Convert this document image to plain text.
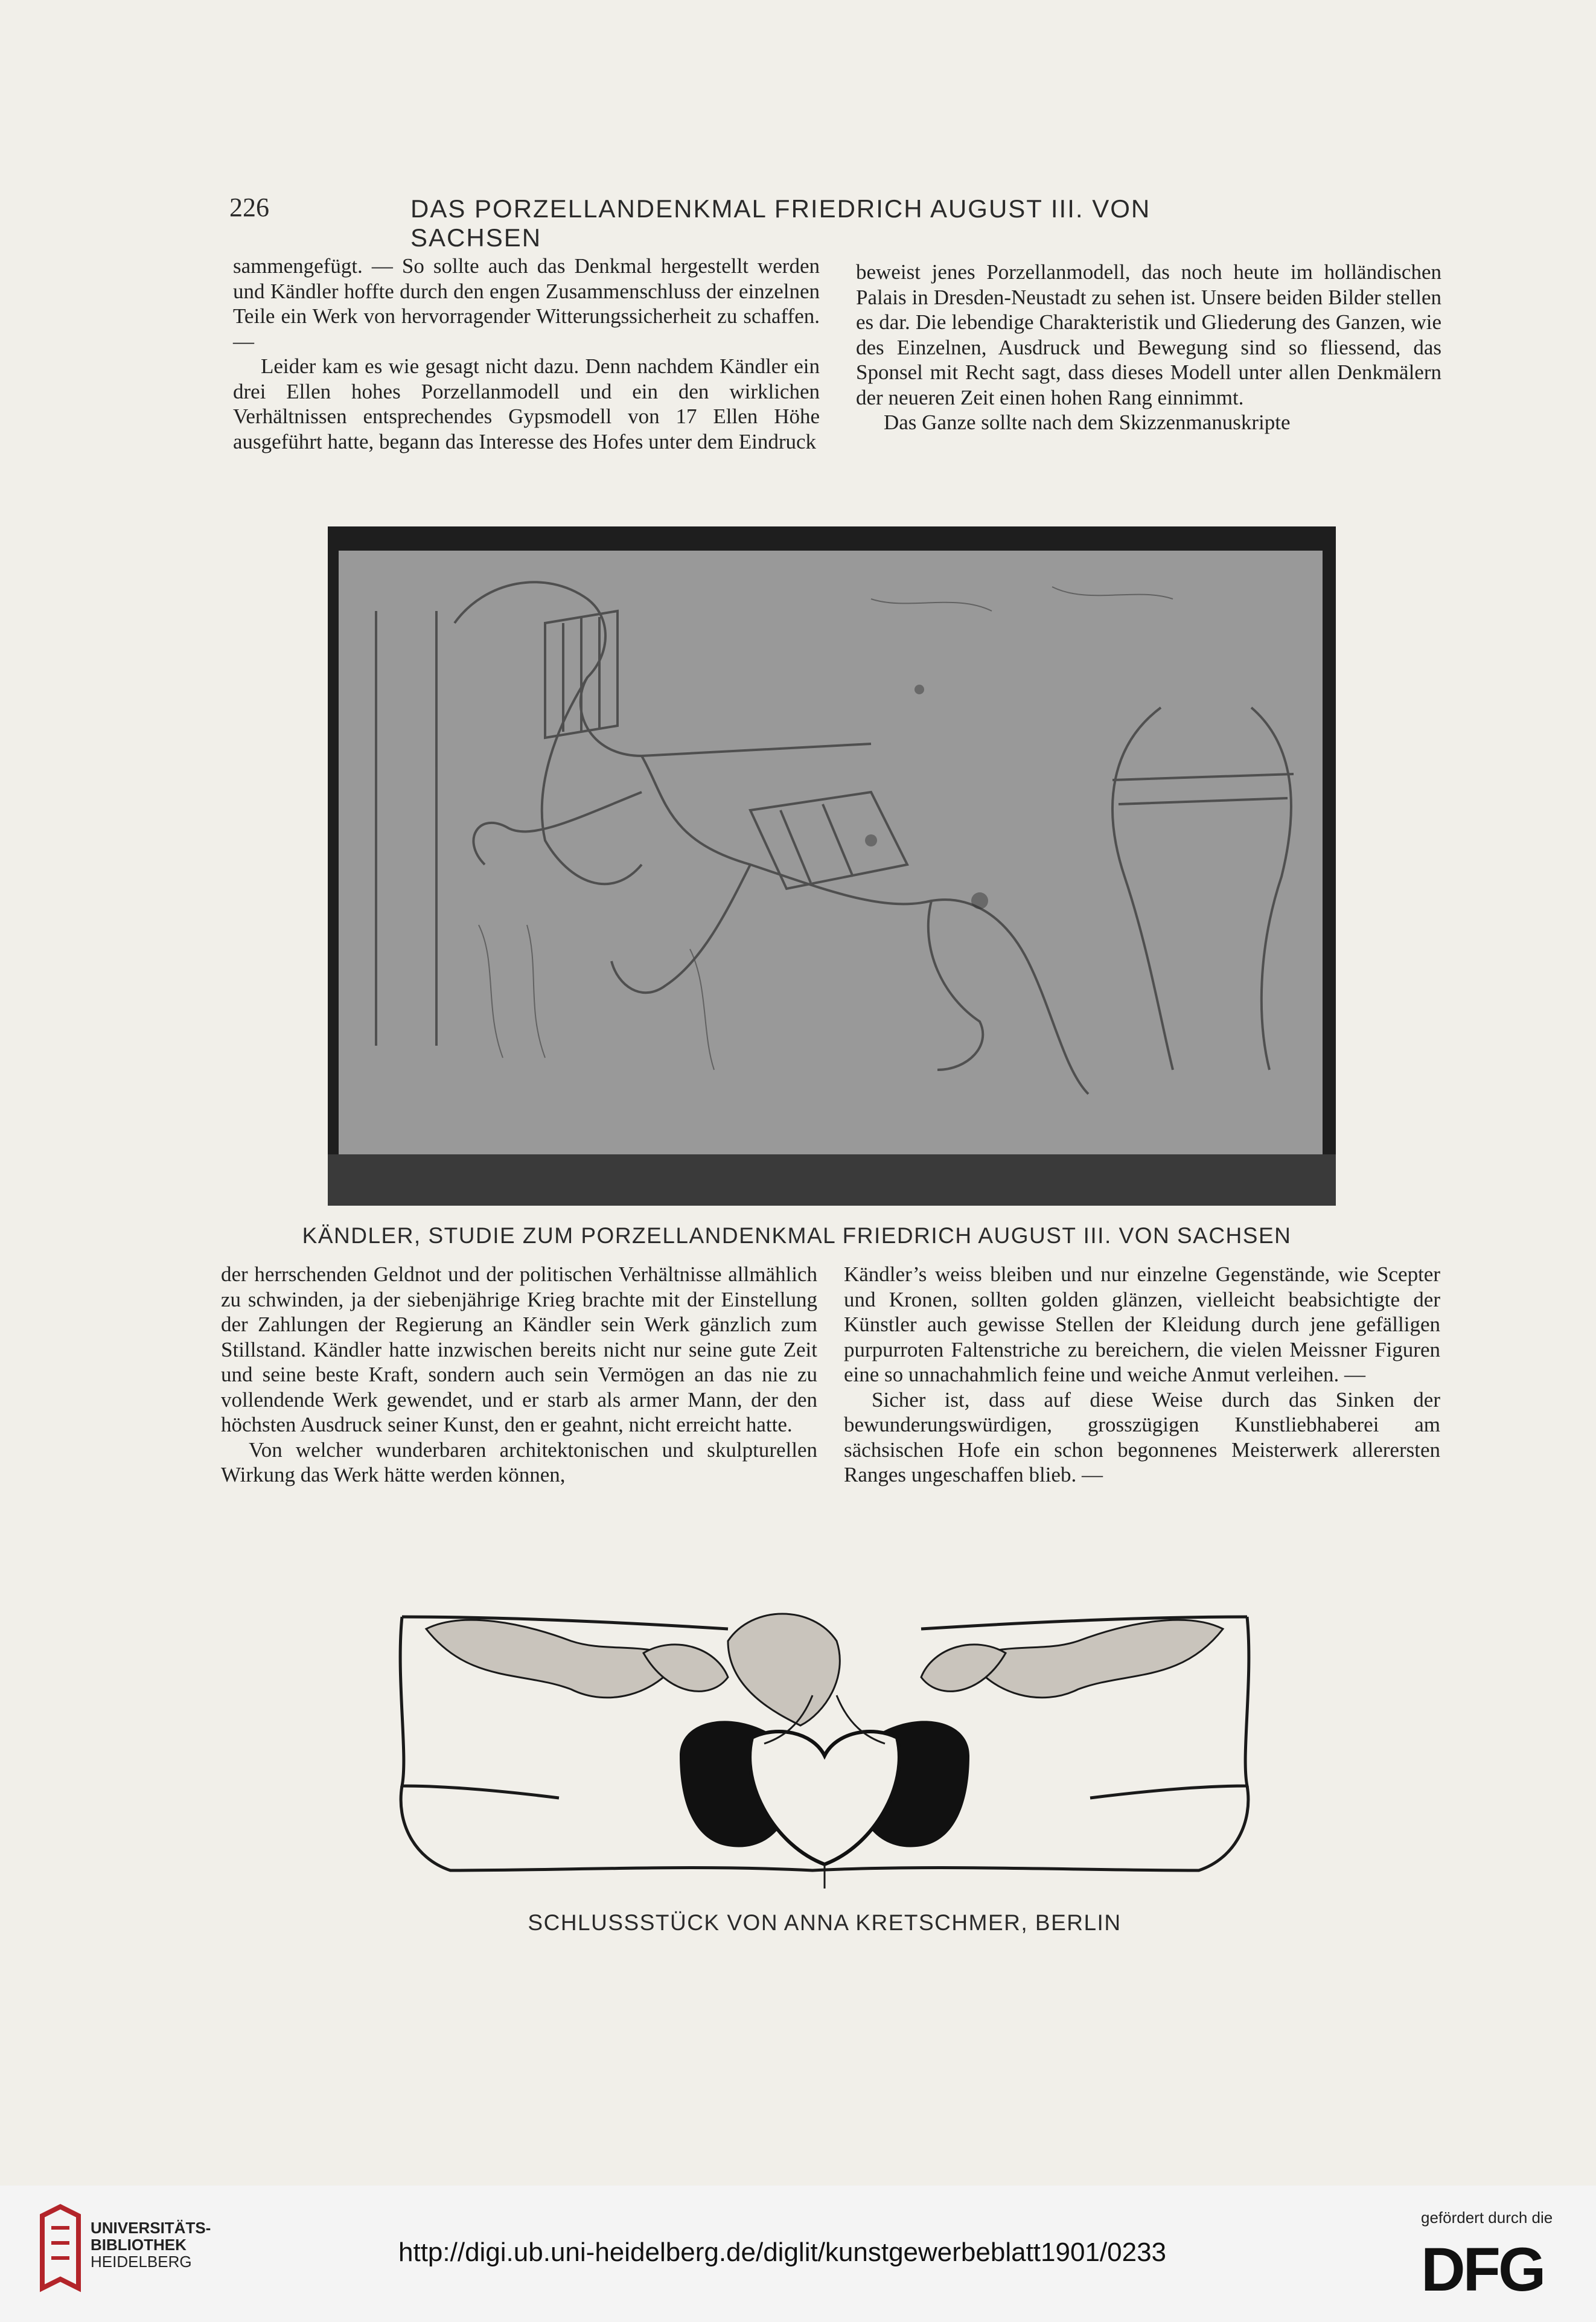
226	DAS PORZELLANDENKMAL FRIEDRICH AUGUST III. VON SACHSEN

sammengefügt. — So sollte auch das Denkmal hergestellt werden und Kändler hoffte durch den engen Zusammenschluss der einzelnen Teile ein Werk von hervorragender Witterungssicherheit zu schaffen. —

Leider kam es wie gesagt nicht dazu. Denn nachdem Kändler ein drei Ellen hohes Porzellanmodell und ein den wirklichen Verhältnissen entsprechendes Gypsmodell von 17 Ellen Höhe ausgeführt hatte, begann das Interesse des Hofes unter dem Eindruck

beweist jenes Porzellanmodell, das noch heute im holländischen Palais in Dresden-Neustadt zu sehen ist. Unsere beiden Bilder stellen es dar. Die lebendige Charakteristik und Gliederung des Ganzen, wie des Einzelnen, Ausdruck und Bewegung sind so fliessend, das Sponsel mit Recht sagt, dass dieses Modell unter allen Denkmälern der neueren Zeit einen hohen Rang einnimmt.

Das Ganze sollte nach dem Skizzenmanuskripte

KÄNDLER, STUDIE ZUM PORZELLANDENKMAL FRIEDRICH AUGUST III. VON SACHSEN

der herrschenden Geldnot und der politischen Verhältnisse allmählich zu schwinden, ja der siebenjährige Krieg brachte mit der Einstellung der Zahlungen der Regierung an Kändler sein Werk gänzlich zum Stillstand. Kändler hatte inzwischen bereits nicht nur seine gute Zeit und seine beste Kraft, sondern auch sein Vermögen an das nie zu vollendende Werk gewendet, und er starb als armer Mann, der den höchsten Ausdruck seiner Kunst, den er geahnt, nicht erreicht hatte.

Von welcher wunderbaren architektonischen und skulpturellen Wirkung das Werk hätte werden können,

Kändler’s weiss bleiben und nur einzelne Gegenstände, wie Scepter und Kronen, sollten golden glänzen, vielleicht beabsichtigte der Künstler auch gewisse Stellen der Kleidung durch jene gefälligen purpurroten Faltenstriche zu bereichern, die vielen Meissner Figuren eine so unnachahmlich feine und weiche Anmut verleihen. —

Sicher ist, dass auf diese Weise durch das Sinken der bewunderungswürdigen, grosszügigen Kunstliebhaberei am sächsischen Hofe ein schon begonnenes Meisterwerk allerersten Ranges ungeschaffen blieb. —

SCHLUSSSTÜCK VON ANNA KRETSCHMER, BERLIN
UNIVERSITÄTS-
BIBLIOTHEK
HEIDELBERG	http://digi.ub.uni-heidelberg.de/diglit/kunstgewerbeblatt1901/0233
gefördert durch die
DFG
